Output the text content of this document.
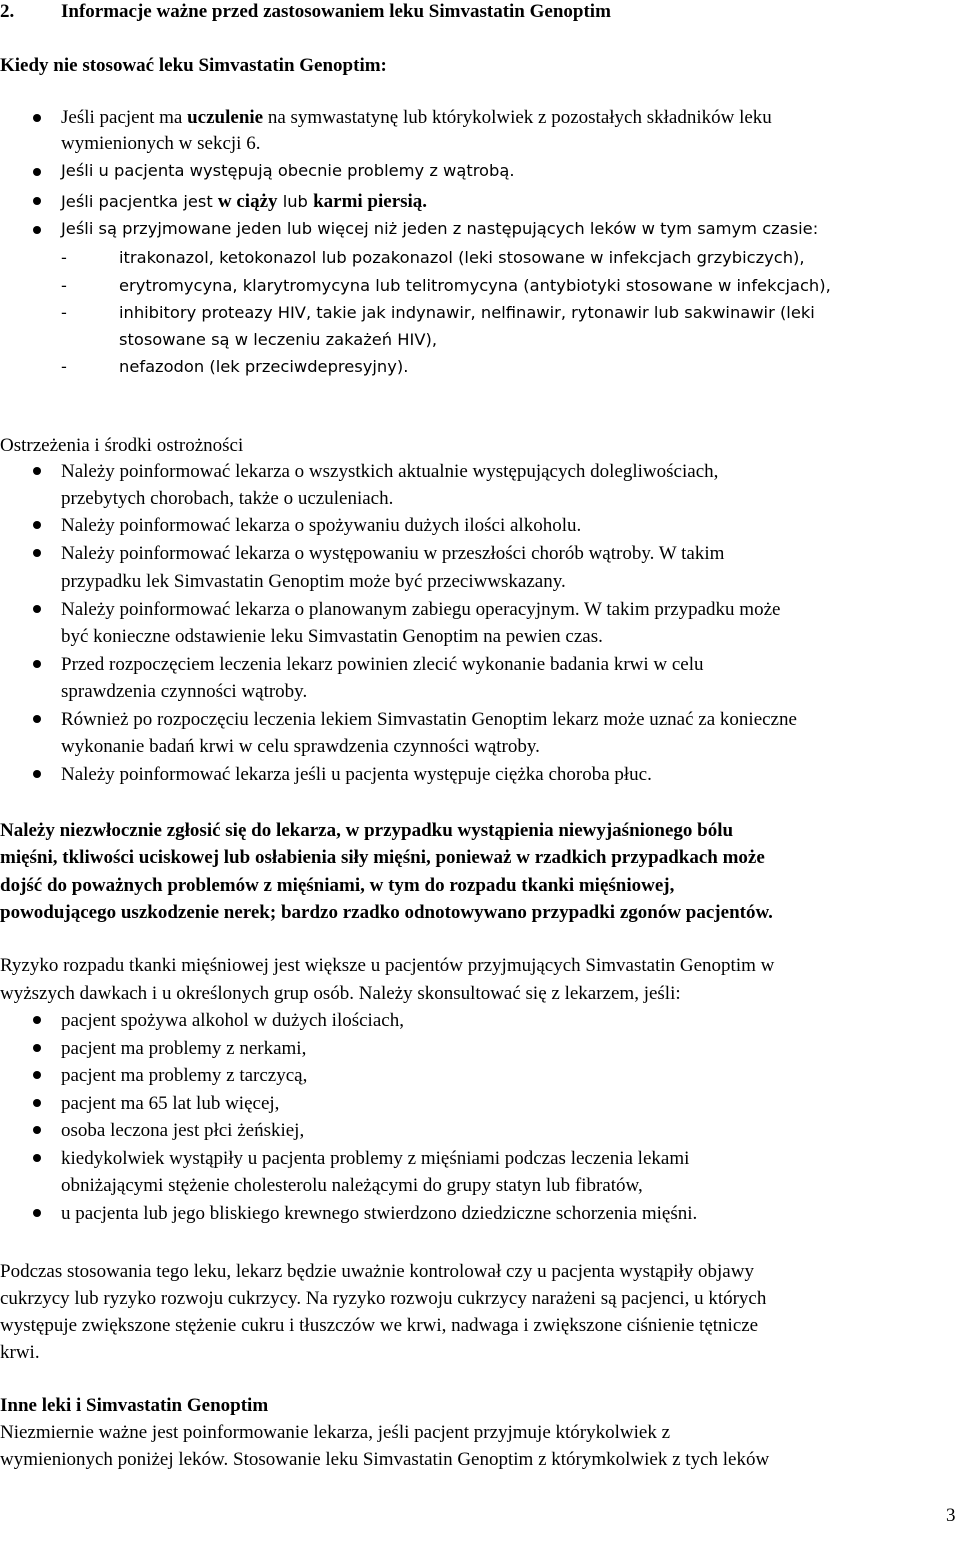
2. Informacje ważne przed zastosowaniem leku Simvastatin Genoptim
Kiedy nie stosować leku Simvastatin Genoptim:
Jeśli pacjent ma uczulenie na symwastatynę lub którykolwiek z pozostałych składników leku
wymienionych w sekcji 6.
Jeśli u pacjenta występują obecnie problemy z wątrobą.
Jeśli pacjentka jest w ciąży lub karmi piersią.
Jeśli są przyjmowane jeden lub więcej niż jeden z następujących leków w tym samym czasie:
-	itrakonazol, ketokonazol lub pozakonazol (leki stosowane w infekcjach grzybiczych),
-	erytromycyna, klarytromycyna lub telitromycyna (antybiotyki stosowane w infekcjach),
-	inhibitory proteazy HIV, takie jak indynawir, nelfinawir, rytonawir lub sakwinawir (leki
stosowane są w leczeniu zakażeń HIV),
-	nefazodon (lek przeciwdepresyjny).
Ostrzeżenia i środki ostrożności
Należy poinformować lekarza o wszystkich aktualnie występujących dolegliwościach,
przebytych chorobach, także o uczuleniach.
Należy poinformować lekarza o spożywaniu dużych ilości alkoholu.
Należy poinformować lekarza o występowaniu w przeszłości chorób wątroby. W takim
przypadku lek Simvastatin Genoptim może być przeciwwskazany.
Należy poinformować lekarza o planowanym zabiegu operacyjnym. W takim przypadku może
być konieczne odstawienie leku Simvastatin Genoptim na pewien czas.
Przed rozpoczęciem leczenia lekarz powinien zlecić wykonanie badania krwi w celu
sprawdzenia czynności wątroby.
Również po rozpoczęciu leczenia lekiem Simvastatin Genoptim lekarz może uznać za konieczne
wykonanie badań krwi w celu sprawdzenia czynności wątroby.
Należy poinformować lekarza jeśli u pacjenta występuje ciężka choroba płuc.
Należy niezwłocznie zgłosić się do lekarza, w przypadku wystąpienia niewyjaśnionego bólu
mięśni, tkliwości uciskowej lub osłabienia siły mięśni, ponieważ w rzadkich przypadkach może
dojść do poważnych problemów z mięśniami, w tym do rozpadu tkanki mięśniowej,
powodującego uszkodzenie nerek; bardzo rzadko odnotowywano przypadki zgonów pacjentów.
Ryzyko rozpadu tkanki mięśniowej jest większe u pacjentów przyjmujących Simvastatin Genoptim w
wyższych dawkach i u określonych grup osób. Należy skonsultować się z lekarzem, jeśli:
pacjent spożywa alkohol w dużych ilościach,
pacjent ma problemy z nerkami,
pacjent ma problemy z tarczycą,
pacjent ma 65 lat lub więcej,
osoba leczona jest płci żeńskiej,
kiedykolwiek wystąpiły u pacjenta problemy z mięśniami podczas leczenia lekami
obniżającymi stężenie cholesterolu należącymi do grupy statyn lub fibratów,
u pacjenta lub jego bliskiego krewnego stwierdzono dziedziczne schorzenia mięśni.
Podczas stosowania tego leku, lekarz będzie uważnie kontrolował czy u pacjenta wystąpiły objawy
cukrzycy lub ryzyko rozwoju cukrzycy. Na ryzyko rozwoju cukrzycy narażeni są pacjenci, u których
występuje zwiększone stężenie cukru i tłuszczów we krwi, nadwaga i zwiększone ciśnienie tętnicze
krwi.
Inne leki i Simvastatin Genoptim
Niezmiernie ważne jest poinformowanie lekarza, jeśli pacjent przyjmuje którykolwiek z
wymienionych poniżej leków. Stosowanie leku Simvastatin Genoptim z którymkolwiek z tych leków
3
